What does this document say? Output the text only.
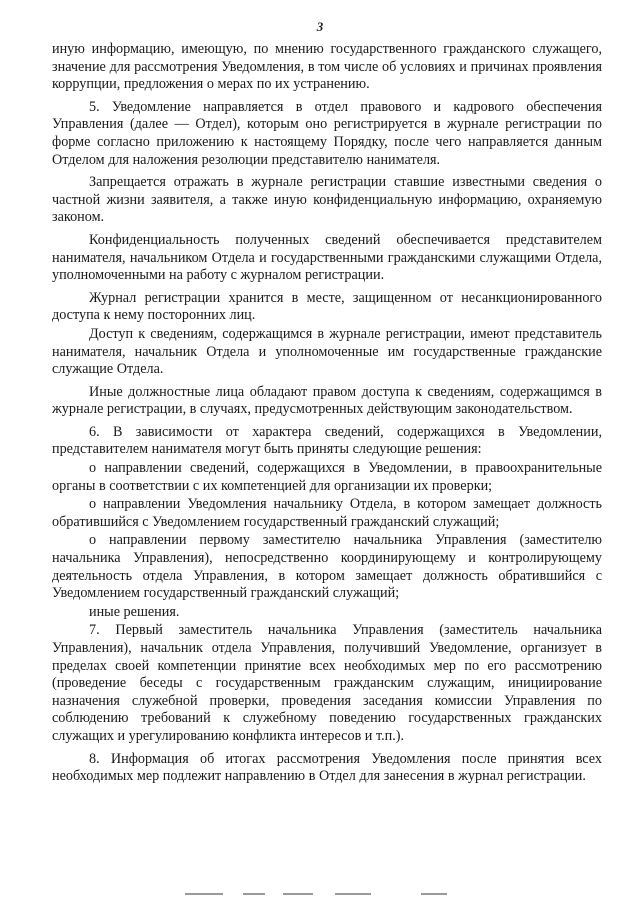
3

иную информацию, имеющую, по мнению государственного гражданского служащего, значение для рассмотрения Уведомления, в том числе об условиях и причинах проявления коррупции, предложения о мерах по их устранению.

5. Уведомление направляется в отдел правового и кадрового обеспечения Управления (далее — Отдел), которым оно регистрируется в журнале регистрации по форме согласно приложению к настоящему Порядку, после чего направляется данным Отделом для наложения резолюции представителю нанимателя.

Запрещается отражать в журнале регистрации ставшие известными сведения о частной жизни заявителя, а также иную конфиденциальную информацию, охраняемую законом.

Конфиденциальность полученных сведений обеспечивается представителем нанимателя, начальником Отдела и государственными гражданскими служащими Отдела, уполномоченными на работу с журналом регистрации.

Журнал регистрации хранится в месте, защищенном от несанкционированного доступа к нему посторонних лиц.

Доступ к сведениям, содержащимся в журнале регистрации, имеют представитель нанимателя, начальник Отдела и уполномоченные им государственные гражданские служащие Отдела.

Иные должностные лица обладают правом доступа к сведениям, содержащимся в журнале регистрации, в случаях, предусмотренных действующим законодательством.

6. В зависимости от характера сведений, содержащихся в Уведомлении, представителем нанимателя могут быть приняты следующие решения:

о направлении сведений, содержащихся в Уведомлении, в правоохранительные органы в соответствии с их компетенцией для организации их проверки;

о направлении Уведомления начальнику Отдела, в котором замещает должность обратившийся с Уведомлением государственный гражданский служащий;

о направлении первому заместителю начальника Управления (заместителю начальника Управления), непосредственно координирующему и контролирующему деятельность отдела Управления, в котором замещает должность обратившийся с Уведомлением государственный гражданский служащий;

иные решения.

7. Первый заместитель начальника Управления (заместитель начальника Управления), начальник отдела Управления, получивший Уведомление, организует в пределах своей компетенции принятие всех необходимых мер по его рассмотрению (проведение беседы с государственным гражданским служащим, инициирование назначения служебной проверки, проведения заседания комиссии Управления по соблюдению требований к служебному поведению государственных гражданских служащих и урегулированию конфликта интересов и т.п.).

8. Информация об итогах рассмотрения Уведомления после принятия всех необходимых мер подлежит направлению в Отдел для занесения в журнал регистрации.
